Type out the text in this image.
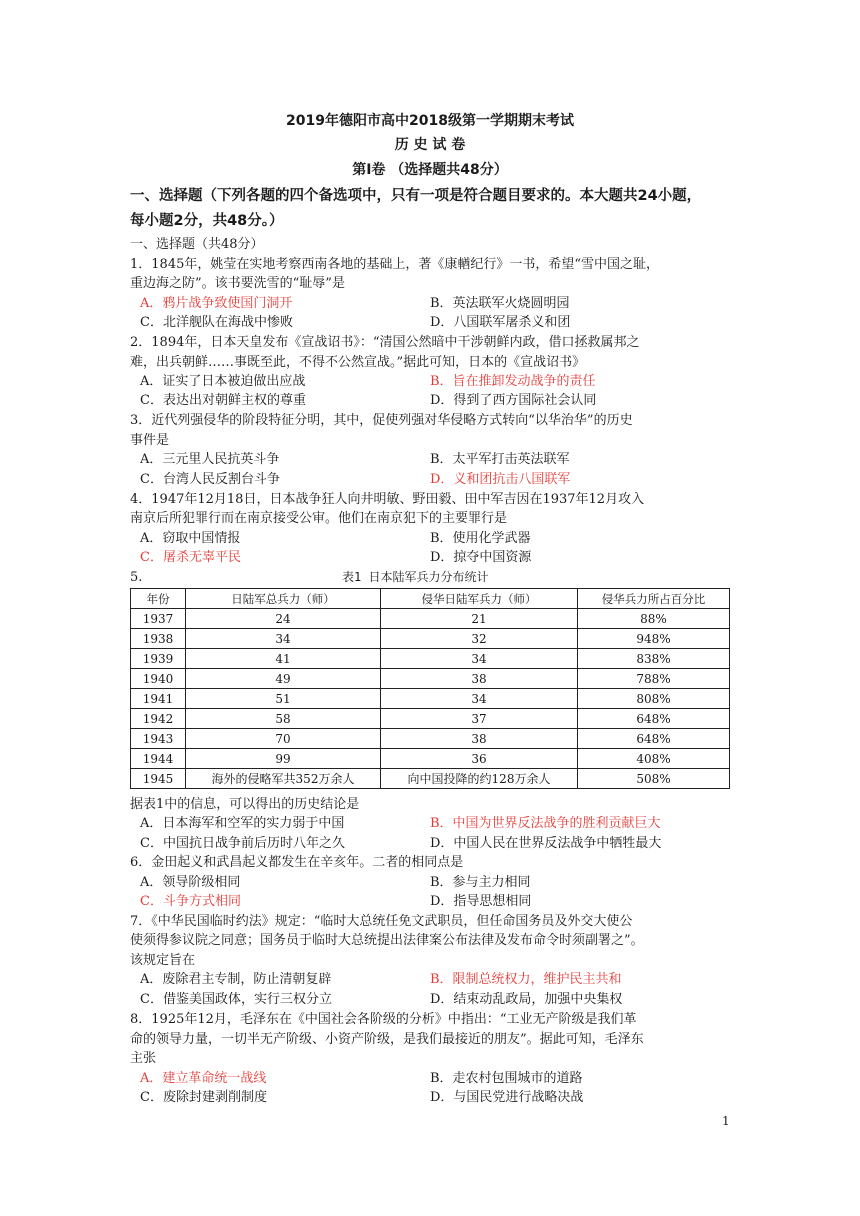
2019年德阳市高中2018级第一学期期末考试
历 史 试 卷
第Ⅰ卷 （选择题共48分）
一、选择题（下列各题的四个备选项中，只有一项是符合题目要求的。本大题共24小题，
每小题2分，共48分。）
一、选择题（共48分）
1．1845年，姚莹在实地考察西南各地的基础上，著《康輶纪行》一书，希望“雪中国之耻，
重边海之防”。该书要洗雪的“耻辱”是
A．鸦片战争致使国门洞开	B．英法联军火烧圆明园
C．北洋舰队在海战中惨败	D．八国联军屠杀义和团
2．1894年，日本天皇发布《宣战诏书》：“清国公然暗中干涉朝鲜内政，借口拯救属邦之
难，出兵朝鲜……事既至此，不得不公然宣战。”据此可知，日本的《宣战诏书》
A．证实了日本被迫做出应战	B．旨在推卸发动战争的责任
C．表达出对朝鲜主权的尊重	D．得到了西方国际社会认同
3．近代列强侵华的阶段特征分明，其中，促使列强对华侵略方式转向“以华治华”的历史
事件是
A．三元里人民抗英斗争	B．太平军打击英法联军
C．台湾人民反割台斗争	D．义和团抗击八国联军
4．1947年12月18日，日本战争狂人向井明敏、野田毅、田中军吉因在1937年12月攻入
南京后所犯罪行而在南京接受公审。他们在南京犯下的主要罪行是
A．窃取中国情报	B．使用化学武器
C．屠杀无辜平民	D．掠夺中国资源
5.	表1 日本陆军兵力分布统计
年份	日陆军总兵力（师）	侵华日陆军兵力（师）	侵华兵力所占百分比
1937	24	21	88%
1938	34	32	948%
1939	41	34	838%
1940	49	38	788%
1941	51	34	808%
1942	58	37	648%
1943	70	38	648%
1944	99	36	408%
1945	海外的侵略军共352万余人	向中国投降的约128万余人	508%
据表1中的信息，可以得出的历史结论是
A．日本海军和空军的实力弱于中国	B．中国为世界反法战争的胜利贡献巨大
C．中国抗日战争前后历时八年之久	D．中国人民在世界反法战争中牺牲最大
6．金田起义和武昌起义都发生在辛亥年。二者的相同点是
A．领导阶级相同	B．参与主力相同
C．斗争方式相同	D．指导思想相同
7．《中华民国临时约法》规定：“临时大总统任免文武职员，但任命国务员及外交大使公
使须得参议院之同意；国务员于临时大总统提出法律案公布法律及发布命令时须副署之”。
该规定旨在
A．废除君主专制，防止清朝复辟	B．限制总统权力，维护民主共和
C．借鉴美国政体，实行三权分立	D．结束动乱政局，加强中央集权
8．1925年12月，毛泽东在《中国社会各阶级的分析》中指出：“工业无产阶级是我们革
命的领导力量，一切半无产阶级、小资产阶级，是我们最接近的朋友”。据此可知，毛泽东
主张
A．建立革命统一战线	B．走农村包围城市的道路
C．废除封建剥削制度	D．与国民党进行战略决战
1
